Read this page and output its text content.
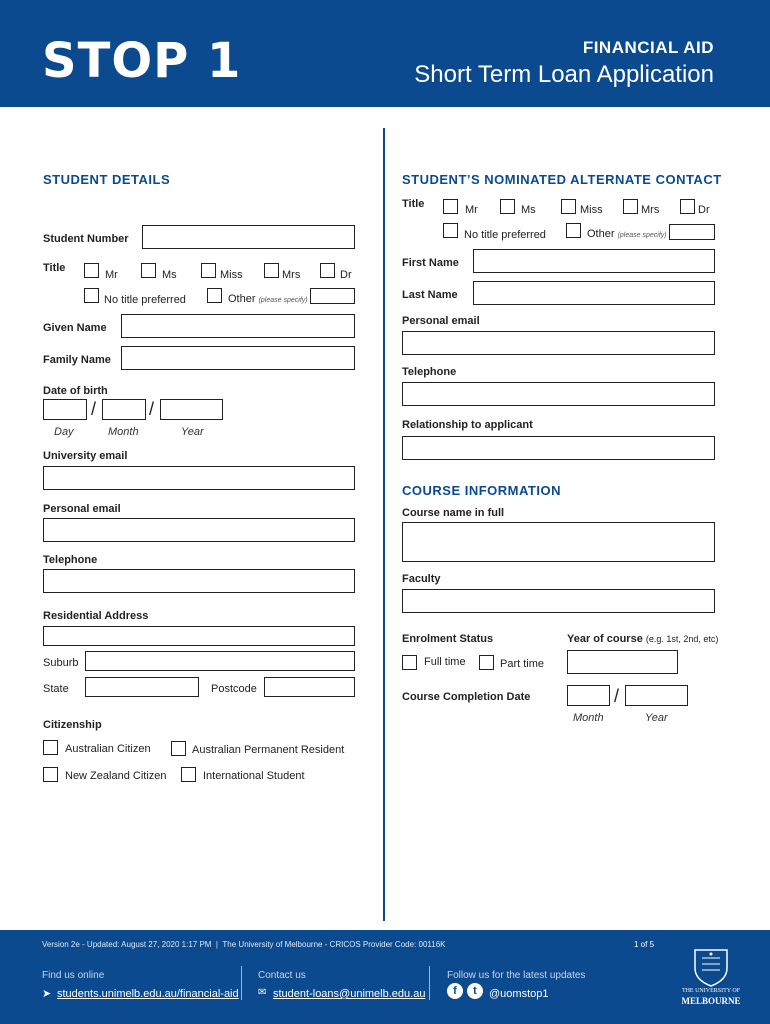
STOP 1	FINANCIAL AID
Short Term Loan Application
STUDENT DETAILS
Student Number
Title
Mr	Ms	Miss	Mrs	Dr
No title preferred	Other (please specify)
Given Name
Family Name
Date of birth
/	/
Day	Month	Year
University email
Personal email
Telephone
Residential Address
Suburb
State	Postcode
Citizenship
Australian Citizen	Australian Permanent Resident
New Zealand Citizen	International Student
STUDENT’S NOMINATED ALTERNATE CONTACT
Title	Mr	Ms	Miss	Mrs	Dr
No title preferred	Other (please specify)
First Name
Last Name
Personal email
Telephone
Relationship to applicant
COURSE INFORMATION
Course name in full
Faculty
Enrolment Status
Full time	Part time
Year of course (e.g. 1st, 2nd, etc)
Course Completion Date	/
Month	Year
Version 2e - Updated: August 27, 2020 1:17 PM  |  The University of Melbourne - CRICOS Provider Code: 00116K	1 of 5
Find us online
➤ students.unimelb.edu.au/financial-aid
Contact us
✉ student-loans@unimelb.edu.au
Follow us for the latest updates
f	t	@uomstop1	THE UNIVERSITY OF
MELBOURNE
